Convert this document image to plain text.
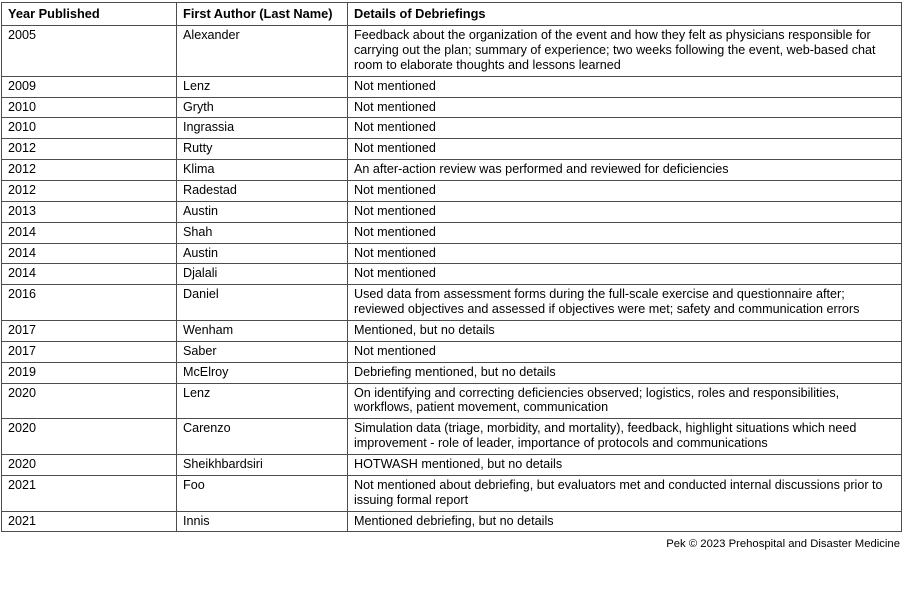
Year Published	First Author (Last Name)	Details of Debriefings
2005	Alexander	Feedback about the organization of the event and how they felt as physicians responsible for carrying out the plan; summary of experience; two weeks following the event, web-based chat room to elaborate thoughts and lessons learned
2009	Lenz	Not mentioned
2010	Gryth	Not mentioned
2010	Ingrassia	Not mentioned
2012	Rutty	Not mentioned
2012	Klima	An after-action review was performed and reviewed for deficiencies
2012	Radestad	Not mentioned
2013	Austin	Not mentioned
2014	Shah	Not mentioned
2014	Austin	Not mentioned
2014	Djalali	Not mentioned
2016	Daniel	Used data from assessment forms during the full-scale exercise and questionnaire after; reviewed objectives and assessed if objectives were met; safety and communication errors
2017	Wenham	Mentioned, but no details
2017	Saber	Not mentioned
2019	McElroy	Debriefing mentioned, but no details
2020	Lenz	On identifying and correcting deficiencies observed; logistics, roles and responsibilities, workflows, patient movement, communication
2020	Carenzo	Simulation data (triage, morbidity, and mortality), feedback, highlight situations which need improvement - role of leader, importance of protocols and communications
2020	Sheikhbardsiri	HOTWASH mentioned, but no details
2021	Foo	Not mentioned about debriefing, but evaluators met and conducted internal discussions prior to issuing formal report
2021	Innis	Mentioned debriefing, but no details
Pek © 2023 Prehospital and Disaster Medicine
